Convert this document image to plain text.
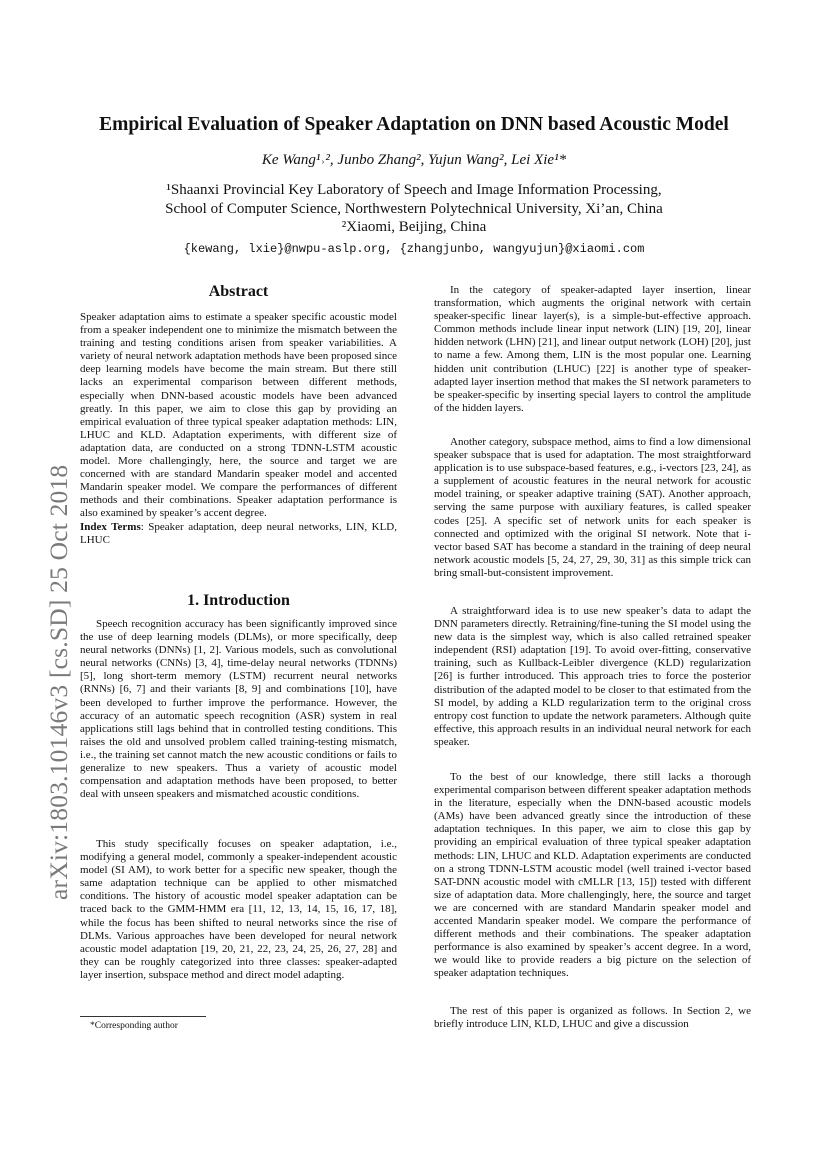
arXiv:1803.10146v3 [cs.SD] 25 Oct 2018
Empirical Evaluation of Speaker Adaptation on DNN based Acoustic Model
Ke Wang¹˒², Junbo Zhang², Yujun Wang², Lei Xie¹*
¹Shaanxi Provincial Key Laboratory of Speech and Image Information Processing,
School of Computer Science, Northwestern Polytechnical University, Xi’an, China
²Xiaomi, Beijing, China
{kewang, lxie}@nwpu-aslp.org, {zhangjunbo, wangyujun}@xiaomi.com
Abstract
Speaker adaptation aims to estimate a speaker specific acoustic model from a speaker independent one to minimize the mismatch between the training and testing conditions arisen from speaker variabilities. A variety of neural network adaptation methods have been proposed since deep learning models have become the main stream. But there still lacks an experimental comparison between different methods, especially when DNN-based acoustic models have been advanced greatly. In this paper, we aim to close this gap by providing an empirical evaluation of three typical speaker adaptation methods: LIN, LHUC and KLD. Adaptation experiments, with different size of adaptation data, are conducted on a strong TDNN-LSTM acoustic model. More challengingly, here, the source and target we are concerned with are standard Mandarin speaker model and accented Mandarin speaker model. We compare the performances of different methods and their combinations. Speaker adaptation performance is also examined by speaker’s accent degree.
Index Terms: Speaker adaptation, deep neural networks, LIN, KLD, LHUC
1. Introduction
Speech recognition accuracy has been significantly improved since the use of deep learning models (DLMs), or more specifically, deep neural networks (DNNs) [1, 2]. Various models, such as convolutional neural networks (CNNs) [3, 4], time-delay neural networks (TDNNs) [5], long short-term memory (LSTM) recurrent neural networks (RNNs) [6, 7] and their variants [8, 9] and combinations [10], have been developed to further improve the performance. However, the accuracy of an automatic speech recognition (ASR) system in real applications still lags behind that in controlled testing conditions. This raises the old and unsolved problem called training-testing mismatch, i.e., the training set cannot match the new acoustic conditions or fails to generalize to new speakers. Thus a variety of acoustic model compensation and adaptation methods have been proposed, to better deal with unseen speakers and mismatched acoustic conditions.
This study specifically focuses on speaker adaptation, i.e., modifying a general model, commonly a speaker-independent acoustic model (SI AM), to work better for a specific new speaker, though the same adaptation technique can be applied to other mismatched conditions. The history of acoustic model speaker adaptation can be traced back to the GMM-HMM era [11, 12, 13, 14, 15, 16, 17, 18], while the focus has been shifted to neural networks since the rise of DLMs. Various approaches have been developed for neural network acoustic model adaptation [19, 20, 21, 22, 23, 24, 25, 26, 27, 28] and they can be roughly categorized into three classes: speaker-adapted layer insertion, subspace method and direct model adapting.
*Corresponding author
In the category of speaker-adapted layer insertion, linear transformation, which augments the original network with certain speaker-specific linear layer(s), is a simple-but-effective approach. Common methods include linear input network (LIN) [19, 20], linear hidden network (LHN) [21], and linear output network (LOH) [20], just to name a few. Among them, LIN is the most popular one. Learning hidden unit contribution (LHUC) [22] is another type of speaker-adapted layer insertion method that makes the SI network parameters to be speaker-specific by inserting special layers to control the amplitude of the hidden layers.
Another category, subspace method, aims to find a low dimensional speaker subspace that is used for adaptation. The most straightforward application is to use subspace-based features, e.g., i-vectors [23, 24], as a supplement of acoustic features in the neural network for acoustic model training, or speaker adaptive training (SAT). Another approach, serving the same purpose with auxiliary features, is called speaker codes [25]. A specific set of network units for each speaker is connected and optimized with the original SI network. Note that i-vector based SAT has become a standard in the training of deep neural network acoustic models [5, 24, 27, 29, 30, 31] as this simple trick can bring small-but-consistent improvement.
A straightforward idea is to use new speaker’s data to adapt the DNN parameters directly. Retraining/fine-tuning the SI model using the new data is the simplest way, which is also called retrained speaker independent (RSI) adaptation [19]. To avoid over-fitting, conservative training, such as Kullback-Leibler divergence (KLD) regularization [26] is further introduced. This approach tries to force the posterior distribution of the adapted model to be closer to that estimated from the SI model, by adding a KLD regularization term to the original cross entropy cost function to update the network parameters. Although quite effective, this approach results in an individual neural network for each speaker.
To the best of our knowledge, there still lacks a thorough experimental comparison between different speaker adaptation methods in the literature, especially when the DNN-based acoustic models (AMs) have been advanced greatly since the introduction of these adaptation techniques. In this paper, we aim to close this gap by providing an empirical evaluation of three typical speaker adaptation methods: LIN, LHUC and KLD. Adaptation experiments are conducted on a strong TDNN-LSTM acoustic model (well trained i-vector based SAT-DNN acoustic model with cMLLR [13, 15]) tested with different size of adaptation data. More challengingly, here, the source and target we are concerned with are standard Mandarin speaker model and accented Mandarin speaker model. We compare the performance of different methods and their combinations. The speaker adaptation performance is also examined by speaker’s accent degree. In a word, we would like to provide readers a big picture on the selection of speaker adaptation techniques.
The rest of this paper is organized as follows. In Section 2, we briefly introduce LIN, KLD, LHUC and give a discussion
